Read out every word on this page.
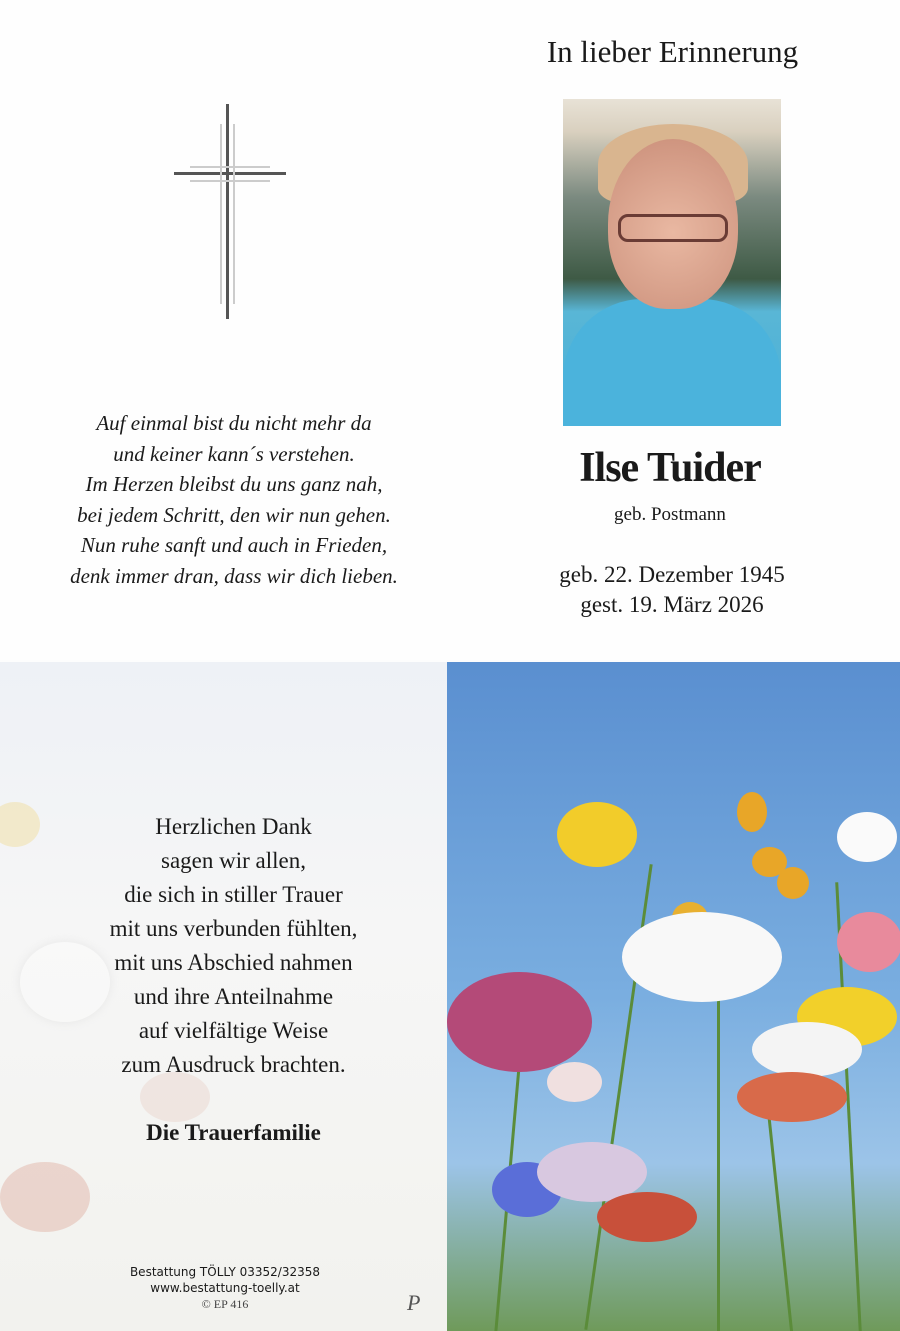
In lieber Erinnerung
Auf einmal bist du nicht mehr da
und keiner kann´s verstehen.
Im Herzen bleibst du uns ganz nah,
bei jedem Schritt, den wir nun gehen.
Nun ruhe sanft und auch in Frieden,
denk immer dran, dass wir dich lieben.
Ilse Tuider
geb. Postmann
geb. 22. Dezember 1945
gest. 19. März 2026
Herzlichen Dank
sagen wir allen,
die sich in stiller Trauer
mit uns verbunden fühlten,
mit uns Abschied nahmen
und ihre Anteilnahme
auf vielfältige Weise
zum Ausdruck brachten.
Die Trauerfamilie
Bestattung TÖLLY 03352/32358
www.bestattung-toelly.at
© EP 416	P
